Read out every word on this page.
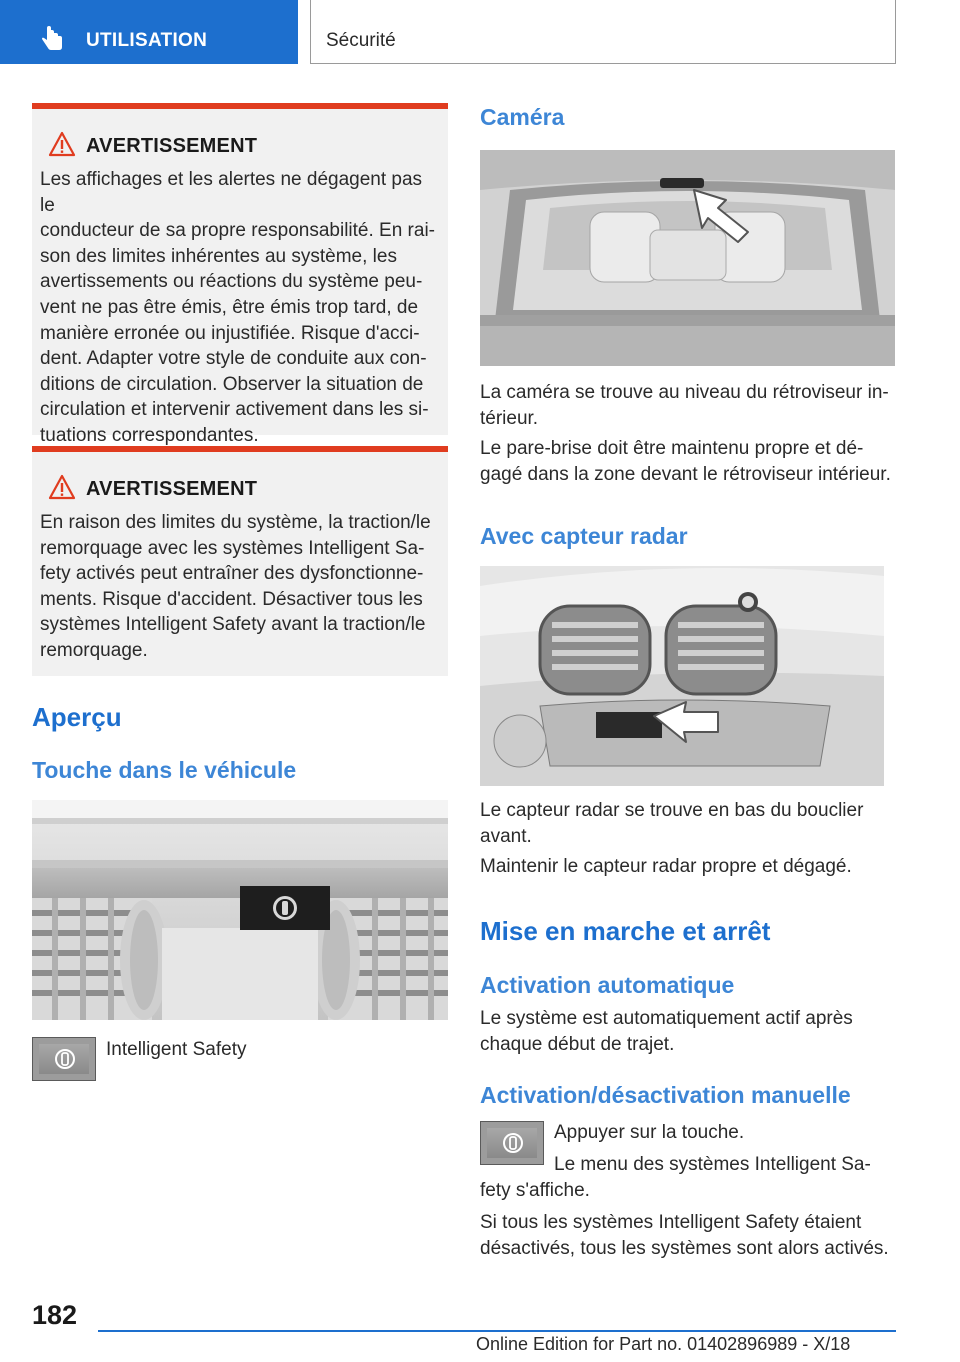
UTILISATION	Sécurité
AVERTISSEMENT
Les affichages et les alertes ne dégagent pas le
conducteur de sa propre responsabilité. En rai‐
son des limites inhérentes au système, les
avertissements ou réactions du système peu‐
vent ne pas être émis, être émis trop tard, de
manière erronée ou injustifiée. Risque d'acci‐
dent. Adapter votre style de conduite aux con‐
ditions de circulation. Observer la situation de
circulation et intervenir activement dans les si‐
tuations correspondantes.
AVERTISSEMENT
En raison des limites du système, la traction/le
remorquage avec les systèmes Intelligent Sa‐
fety activés peut entraîner des dysfonctionne‐
ments. Risque d'accident. Désactiver tous les
systèmes Intelligent Safety avant la traction/le
remorquage.
Aperçu
Touche dans le véhicule
Intelligent Safety
Caméra
La caméra se trouve au niveau du rétroviseur in‐
térieur.
Le pare-brise doit être maintenu propre et dé‐
gagé dans la zone devant le rétroviseur intérieur.
Avec capteur radar
Le capteur radar se trouve en bas du bouclier
avant.
Maintenir le capteur radar propre et dégagé.
Mise en marche et arrêt
Activation automatique
Le système est automatiquement actif après
chaque début de trajet.
Activation/désactivation manuelle
Appuyer sur la touche.
Le menu des systèmes Intelligent Sa‐
fety s'affiche.
Si tous les systèmes Intelligent Safety étaient
désactivés, tous les systèmes sont alors activés.
182
Online Edition for Part no. 01402896989 - X/18
